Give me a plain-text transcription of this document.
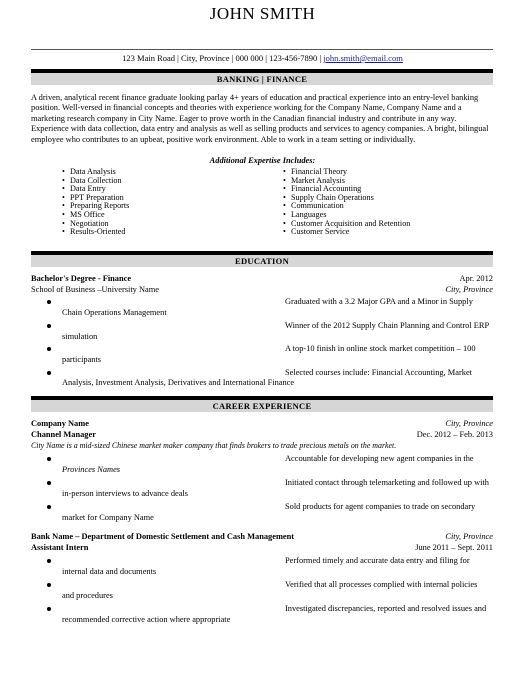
JOHN SMITH
123 Main Road | City, Province | 000 000 | 123-456-7890 | john.smith@email.com
BANKING | FINANCE
A driven, analytical recent finance graduate looking parlay 4+ years of education and practical experience into an entry-level banking position. Well-versed in financial concepts and theories with experience working for the Company Name, Company Name and a marketing research company in City Name. Eager to prove worth in the Canadian financial industry and contribute in any way. Experience with data collection, data entry and analysis as well as selling products and services to agency companies. A bright, bilingual employee who contributes to an upbeat, positive work environment. Able to work in a team setting or individually.
Additional Expertise Includes:
• Data Analysis
• Data Collection
• Data Entry
• PPT Preparation
• Preparing Reports
• MS Office
• Negotiation
• Results-Oriented
• Financial Theory
• Market Analysis
• Financial Accounting
• Supply Chain Operations
• Communication
• Languages
• Customer Acquisition and Retention
• Customer Service
EDUCATION
Bachelor's Degree - Finance	Apr. 2012
School of Business –University Name	City, Province
Graduated with a 3.2 Major GPA and a Minor in Supply
Chain Operations Management
Winner of the 2012 Supply Chain Planning and Control ERP
simulation
A top-10 finish in online stock market competition – 100
participants
Selected courses include: Financial Accounting, Market
Analysis, Investment Analysis, Derivatives and International Finance
CAREER EXPERIENCE
Company Name	City, Province
Channel Manager	Dec. 2012 – Feb. 2013
City Name is a mid-sized Chinese market maker company that finds brokers to trade precious metals on the market.
Accountable for developing new agent companies in the
Provinces Names
Initiated contact through telemarketing and followed up with
in-person interviews to advance deals
Sold products for agent companies to trade on secondary
market for Company Name
Bank Name – Department of Domestic Settlement and Cash Management	City, Province
Assistant Intern	June 2011 – Sept. 2011
Performed timely and accurate data entry and filing for
internal data and documents
Verified that all processes complied with internal policies
and procedures
Investigated discrepancies, reported and resolved issues and
recommended corrective action where appropriate
